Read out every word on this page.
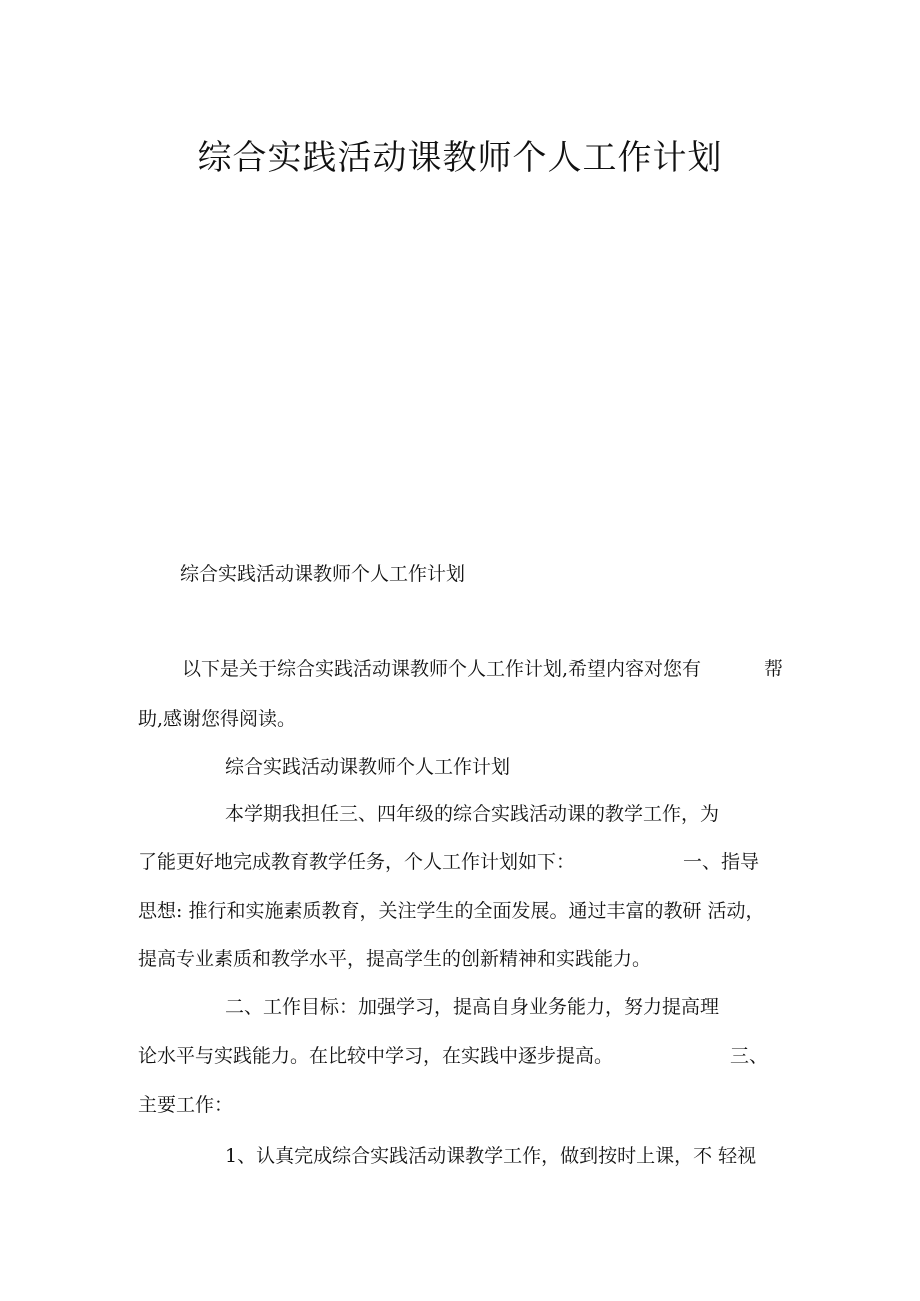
综合实践活动课教师个人工作计划
综合实践活动课教师个人工作计划
以下是关于综合实践活动课教师个人工作计划,希望内容对您有	帮
助,感谢您得阅读。
综合实践活动课教师个人工作计划
本学期我担任三、四年级的综合实践活动课的教学工作，为
了能更好地完成教育教学任务，个人工作计划如下：	一、指导
思想: 推行和实施素质教育，关注学生的全面发展。通过丰富的教研 活动，
提高专业素质和教学水平，提高学生的创新精神和实践能力。
二、工作目标：加强学习，提高自身业务能力，努力提高理
论水平与实践能力。在比较中学习，在实践中逐步提高。	三、
主要工作：
1、认真完成综合实践活动课教学工作，做到按时上课，不 轻视
